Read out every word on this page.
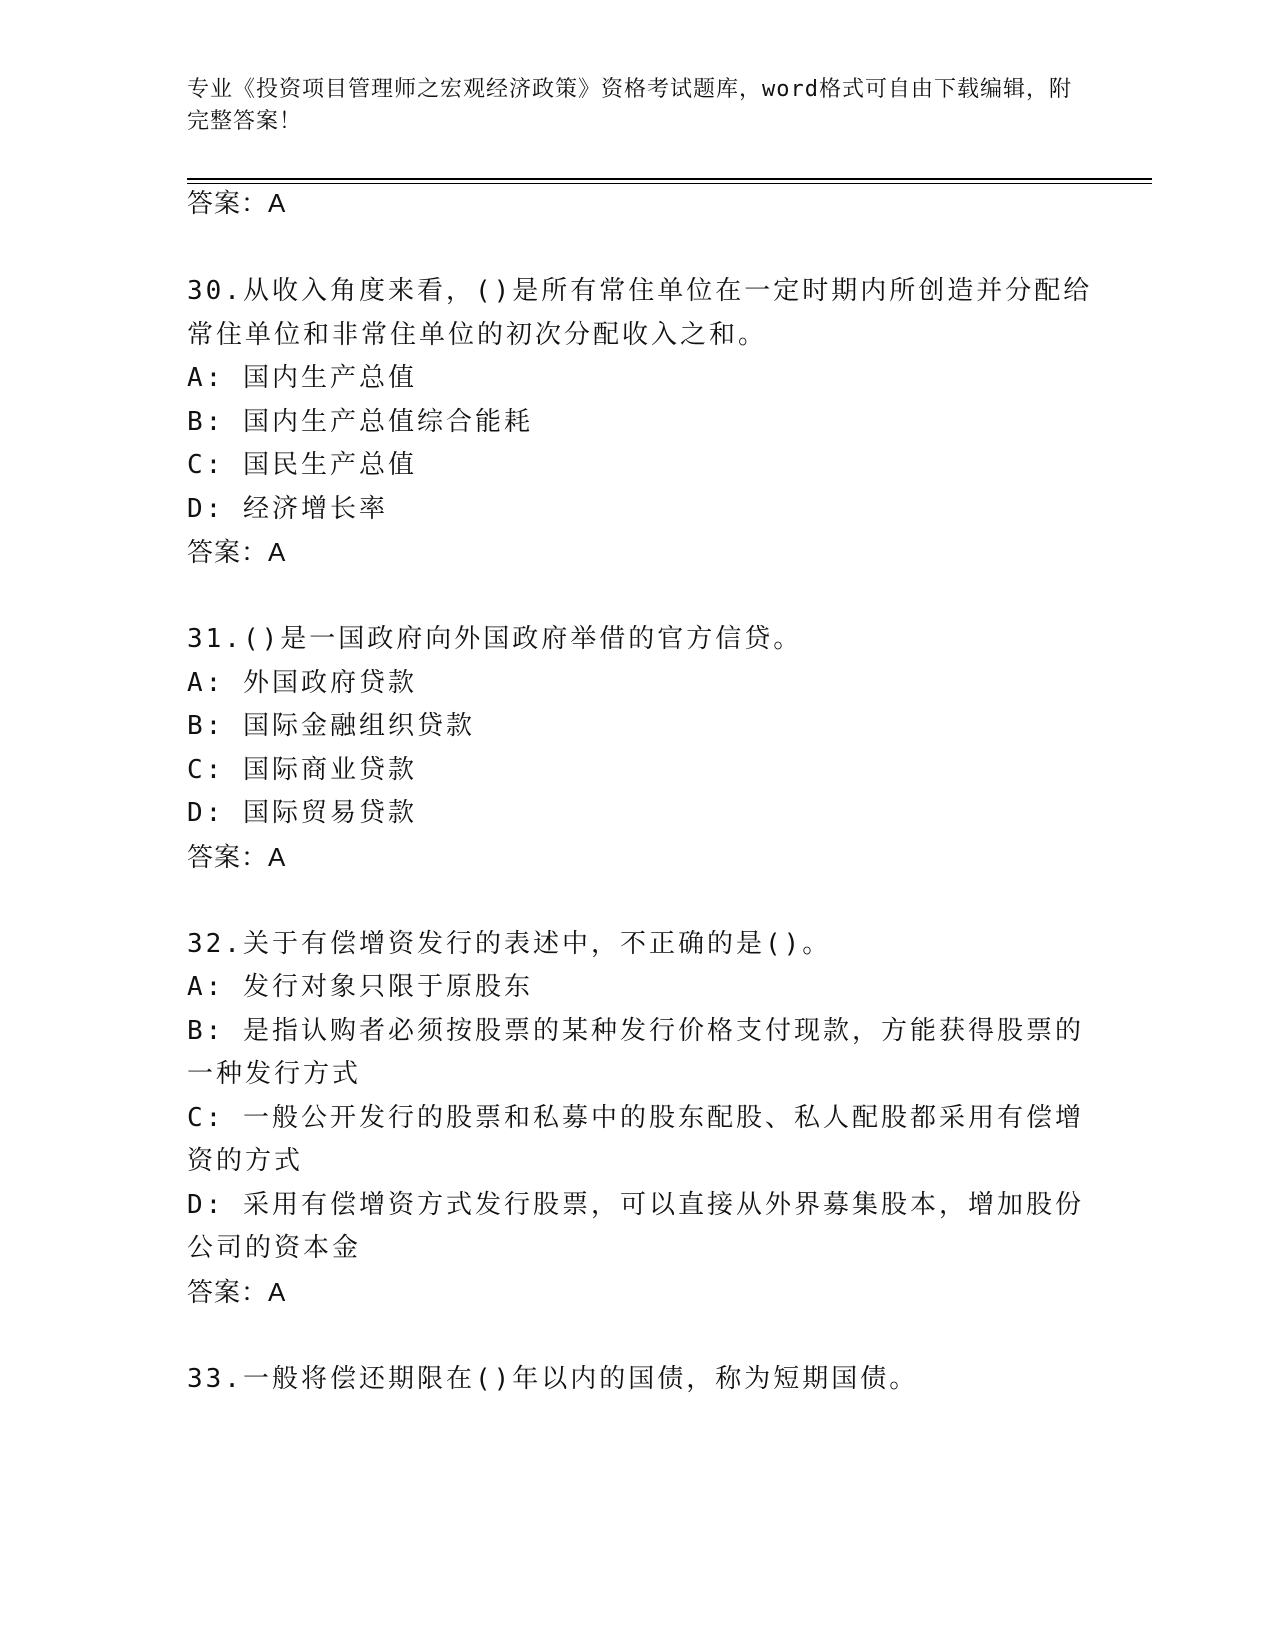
专业《投资项目管理师之宏观经济政策》资格考试题库，word格式可自由下载编辑，附完整答案！

答案：A

30.从收入角度来看，()是所有常住单位在一定时期内所创造并分配给

常住单位和非常住单位的初次分配收入之和。

A: 国内生产总值

B: 国内生产总值综合能耗

C: 国民生产总值

D: 经济增长率

答案：A

31.()是一国政府向外国政府举借的官方信贷。

A: 外国政府贷款

B: 国际金融组织贷款

C: 国际商业贷款

D: 国际贸易贷款

答案：A

32.关于有偿增资发行的表述中，不正确的是()。

A: 发行对象只限于原股东

B: 是指认购者必须按股票的某种发行价格支付现款，方能获得股票的

一种发行方式

C: 一般公开发行的股票和私募中的股东配股、私人配股都采用有偿增

资的方式

D: 采用有偿增资方式发行股票，可以直接从外界募集股本，增加股份

公司的资本金

答案：A

33.一般将偿还期限在()年以内的国债，称为短期国债。
